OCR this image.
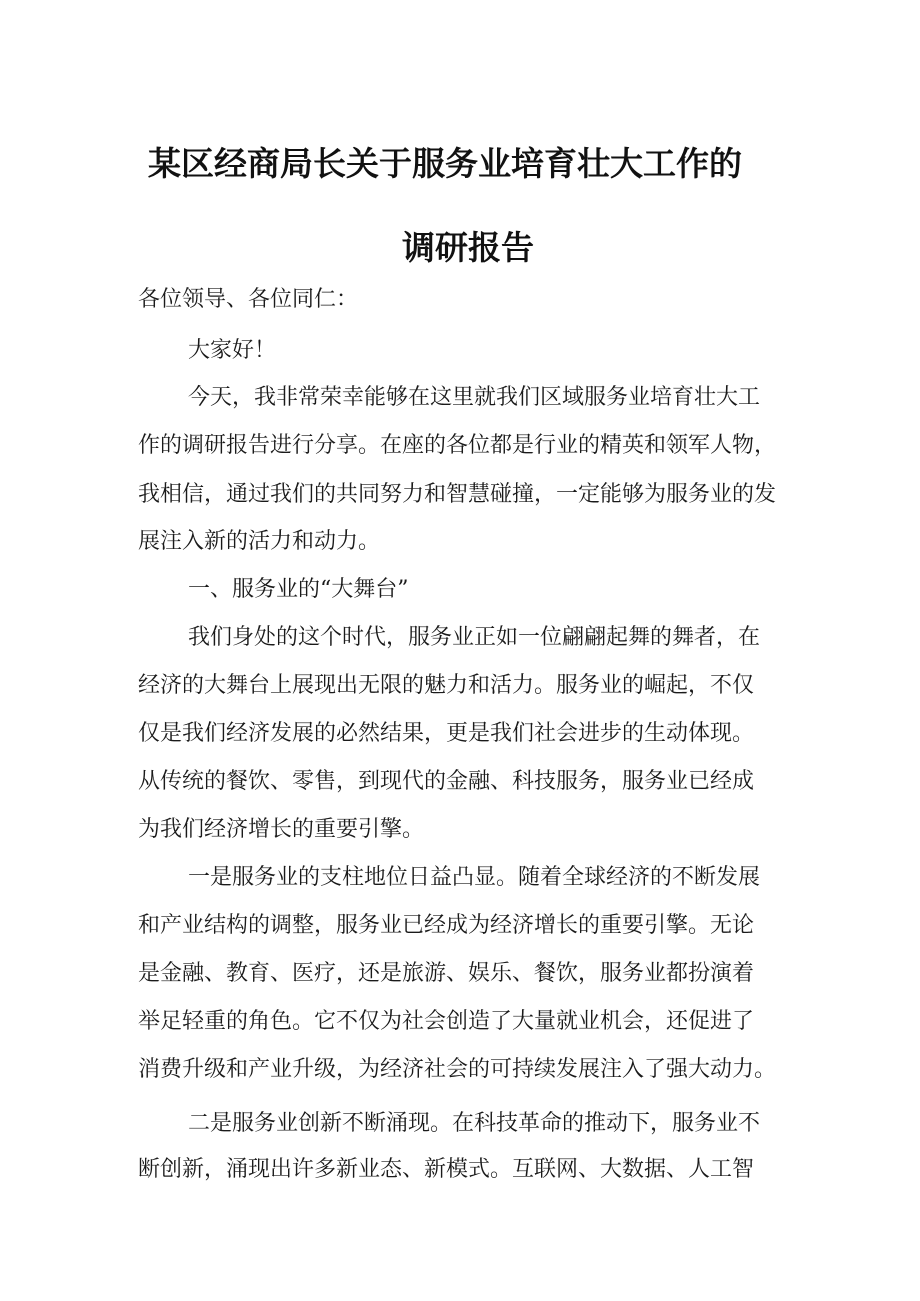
某区经商局长关于服务业培育壮大工作的
调研报告

各位领导、各位同仁：

大家好！

今天，我非常荣幸能够在这里就我们区域服务业培育壮大工

作的调研报告进行分享。在座的各位都是行业的精英和领军人物，

我相信，通过我们的共同努力和智慧碰撞，一定能够为服务业的发

展注入新的活力和动力。

一、服务业的“大舞台”

我们身处的这个时代，服务业正如一位翩翩起舞的舞者，在

经济的大舞台上展现出无限的魅力和活力。服务业的崛起，不仅

仅是我们经济发展的必然结果，更是我们社会进步的生动体现。

从传统的餐饮、零售，到现代的金融、科技服务，服务业已经成

为我们经济增长的重要引擎。

一是服务业的支柱地位日益凸显。随着全球经济的不断发展

和产业结构的调整，服务业已经成为经济增长的重要引擎。无论

是金融、教育、医疗，还是旅游、娱乐、餐饮，服务业都扮演着

举足轻重的角色。它不仅为社会创造了大量就业机会，还促进了

消费升级和产业升级，为经济社会的可持续发展注入了强大动力。

二是服务业创新不断涌现。在科技革命的推动下，服务业不

断创新，涌现出许多新业态、新模式。互联网、大数据、人工智
